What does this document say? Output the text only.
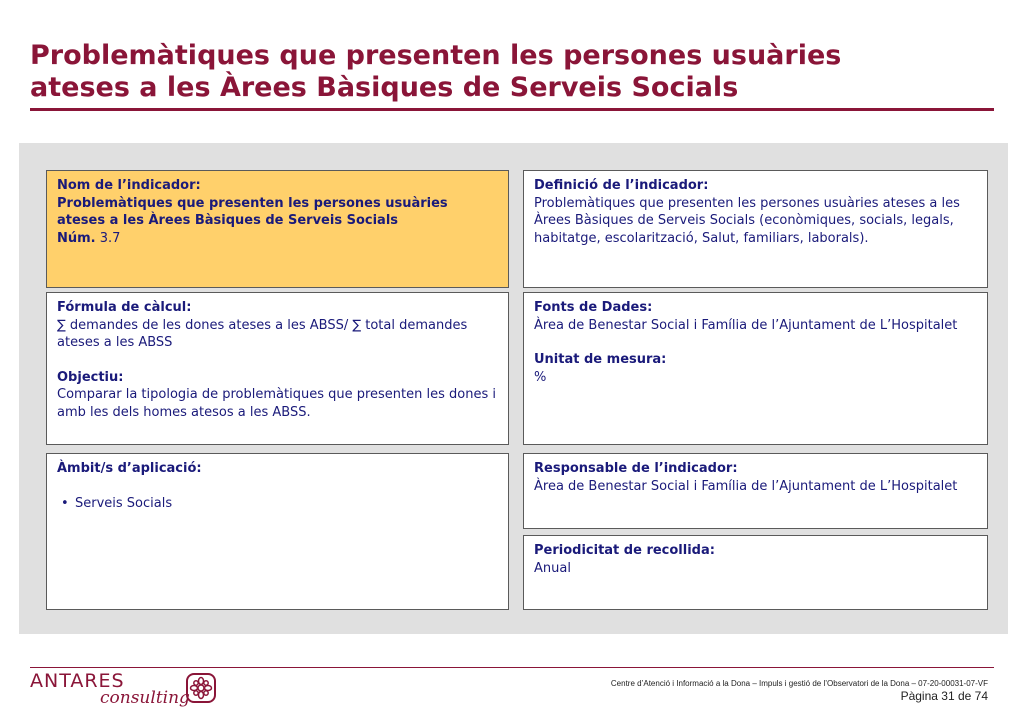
Problemàtiques que presenten les persones usuàries
ateses a les Àrees Bàsiques de Serveis Socials
Nom de l’indicador:
Problemàtiques que presenten les persones usuàries
ateses a les Àrees Bàsiques de Serveis Socials
Núm. 3.7
Definició de l’indicador:
Problemàtiques que presenten les persones usuàries ateses a les Àrees Bàsiques de Serveis Socials (econòmiques, socials, legals, habitatge, escolarització, Salut, familiars, laborals).
Fórmula de càlcul:
∑ demandes de les dones ateses a les ABSS/ ∑ total demandes ateses a les ABSS
Objectiu:
Comparar la tipologia de problemàtiques que presenten les dones i amb les dels homes atesos a les ABSS.
Fonts de Dades:
Àrea de Benestar Social i Família de l’Ajuntament de L’Hospitalet
Unitat de mesura:
%
Àmbit/s d’aplicació:
• Serveis Socials
Responsable de l’indicador:
Àrea de Benestar Social i Família de l’Ajuntament de L’Hospitalet
Periodicitat de recollida:
Anual
ANTARES
consulting
Centre d’Atenció i Informació a la Dona – Impuls i gestió de l’Observatori de la Dona – 07-20-00031-07-VF
Pàgina 31 de 74
